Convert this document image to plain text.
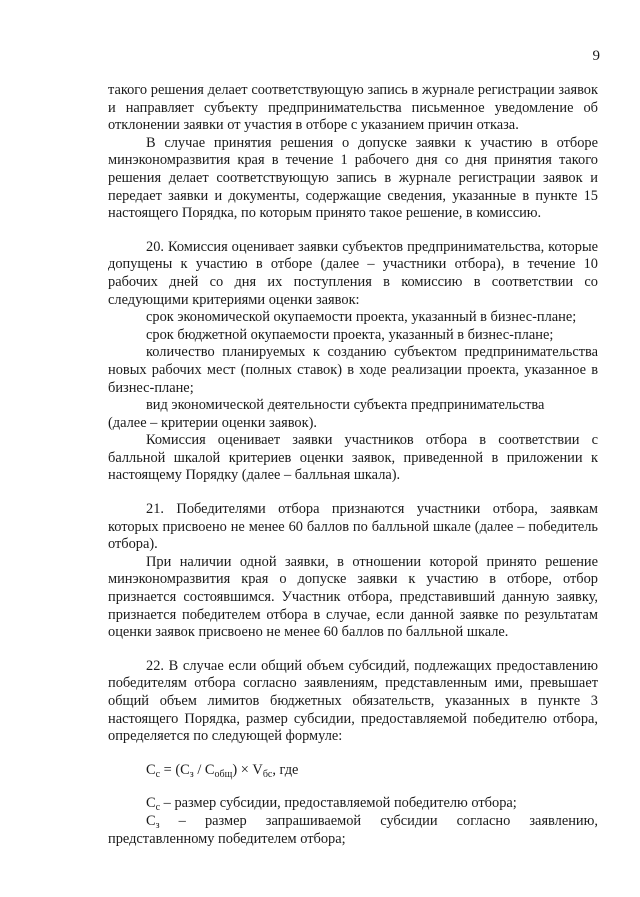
9

такого решения делает соответствующую запись в журнале регистрации заявок и направляет субъекту предпринимательства письменное уведомление об отклонении заявки от участия в отборе с указанием причин отказа.

В случае принятия решения о допуске заявки к участию в отборе минэкономразвития края в течение 1 рабочего дня со дня принятия такого решения делает соответствующую запись в журнале регистрации заявок и передает заявки и документы, содержащие сведения, указанные в пункте 15 настоящего Порядка, по которым принято такое решение, в комиссию.

20. Комиссия оценивает заявки субъектов предпринимательства, которые допущены к участию в отборе (далее – участники отбора), в течение 10 рабочих дней со дня их поступления в комиссию в соответствии со следующими критериями оценки заявок:

срок экономической окупаемости проекта, указанный в бизнес-плане;

срок бюджетной окупаемости проекта, указанный в бизнес-плане;

количество планируемых к созданию субъектом предпринимательства новых рабочих мест (полных ставок) в ходе реализации проекта, указанное в бизнес-плане;

вид экономической деятельности субъекта предпринимательства

(далее – критерии оценки заявок).

Комиссия оценивает заявки участников отбора в соответствии с балльной шкалой критериев оценки заявок, приведенной в приложении к настоящему Порядку (далее – балльная шкала).

21. Победителями отбора признаются участники отбора, заявкам которых присвоено не менее 60 баллов по балльной шкале (далее – победитель отбора).

При наличии одной заявки, в отношении которой принято решение минэкономразвития края о допуске заявки к участию в отборе, отбор признается состоявшимся. Участник отбора, представивший данную заявку, признается победителем отбора в случае, если данной заявке по результатам оценки заявок присвоено не менее 60 баллов по балльной шкале.

22. В случае если общий объем субсидий, подлежащих предоставлению победителям отбора согласно заявлениям, представленным ими, превышает общий объем лимитов бюджетных обязательств, указанных в пункте 3 настоящего Порядка, размер субсидии, предоставляемой победителю отбора, определяется по следующей формуле:

$С_с = (С_з / С_{общ}) \times V_{бс}$, где

$С_с$ – размер субсидии, предоставляемой победителю отбора;

$С_з$ – размер запрашиваемой субсидии согласно заявлению, представленному победителем отбора;
